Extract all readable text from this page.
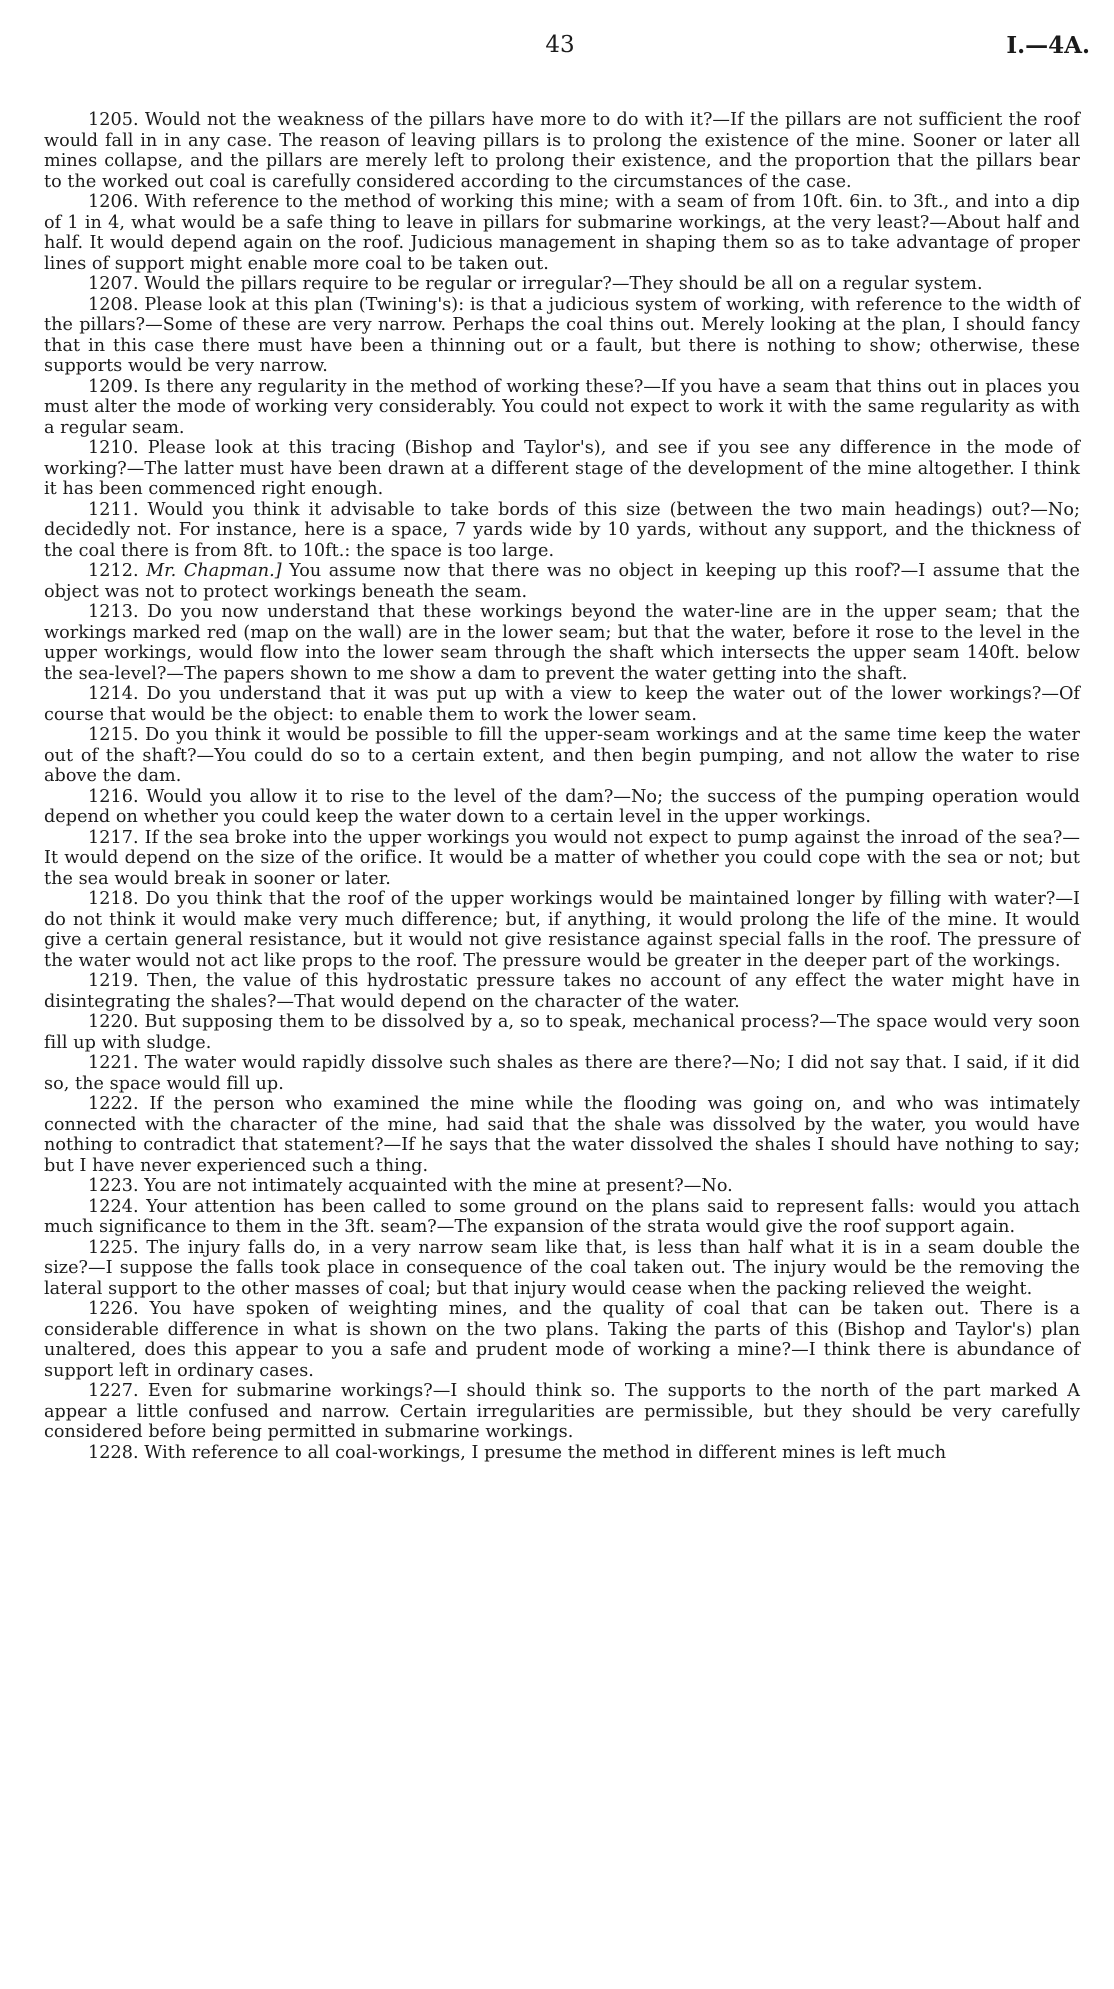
43	I.—4A.

1205. Would not the weakness of the pillars have more to do with it?—If the pillars are not sufficient the roof would fall in in any case. The reason of leaving pillars is to prolong the existence of the mine. Sooner or later all mines collapse, and the pillars are merely left to prolong their existence, and the proportion that the pillars bear to the worked out coal is carefully considered according to the circumstances of the case.

1206. With reference to the method of working this mine; with a seam of from 10ft. 6in. to 3ft., and into a dip of 1 in 4, what would be a safe thing to leave in pillars for submarine workings, at the very least?—About half and half. It would depend again on the roof. Judicious management in shaping them so as to take advantage of proper lines of support might enable more coal to be taken out.

1207. Would the pillars require to be regular or irregular?—They should be all on a regular system.

1208. Please look at this plan (Twining's): is that a judicious system of working, with reference to the width of the pillars?—Some of these are very narrow. Perhaps the coal thins out. Merely looking at the plan, I should fancy that in this case there must have been a thinning out or a fault, but there is nothing to show; otherwise, these supports would be very narrow.

1209. Is there any regularity in the method of working these?—If you have a seam that thins out in places you must alter the mode of working very considerably. You could not expect to work it with the same regularity as with a regular seam.

1210. Please look at this tracing (Bishop and Taylor's), and see if you see any difference in the mode of working?—The latter must have been drawn at a different stage of the development of the mine altogether. I think it has been commenced right enough.

1211. Would you think it advisable to take bords of this size (between the two main headings) out?—No; decidedly not. For instance, here is a space, 7 yards wide by 10 yards, without any support, and the thickness of the coal there is from 8ft. to 10ft.: the space is too large.

1212. Mr. Chapman.] You assume now that there was no object in keeping up this roof?—I assume that the object was not to protect workings beneath the seam.

1213. Do you now understand that these workings beyond the water-line are in the upper seam; that the workings marked red (map on the wall) are in the lower seam; but that the water, before it rose to the level in the upper workings, would flow into the lower seam through the shaft which intersects the upper seam 140ft. below the sea-level?—The papers shown to me show a dam to prevent the water getting into the shaft.

1214. Do you understand that it was put up with a view to keep the water out of the lower workings?—Of course that would be the object: to enable them to work the lower seam.

1215. Do you think it would be possible to fill the upper-seam workings and at the same time keep the water out of the shaft?—You could do so to a certain extent, and then begin pumping, and not allow the water to rise above the dam.

1216. Would you allow it to rise to the level of the dam?—No; the success of the pumping operation would depend on whether you could keep the water down to a certain level in the upper workings.

1217. If the sea broke into the upper workings you would not expect to pump against the inroad of the sea?—It would depend on the size of the orifice. It would be a matter of whether you could cope with the sea or not; but the sea would break in sooner or later.

1218. Do you think that the roof of the upper workings would be maintained longer by filling with water?—I do not think it would make very much difference; but, if anything, it would prolong the life of the mine. It would give a certain general resistance, but it would not give resistance against special falls in the roof. The pressure of the water would not act like props to the roof. The pressure would be greater in the deeper part of the workings.

1219. Then, the value of this hydrostatic pressure takes no account of any effect the water might have in disintegrating the shales?—That would depend on the character of the water.

1220. But supposing them to be dissolved by a, so to speak, mechanical process?—The space would very soon fill up with sludge.

1221. The water would rapidly dissolve such shales as there are there?—No; I did not say that. I said, if it did so, the space would fill up.

1222. If the person who examined the mine while the flooding was going on, and who was intimately connected with the character of the mine, had said that the shale was dissolved by the water, you would have nothing to contradict that statement?—If he says that the water dissolved the shales I should have nothing to say; but I have never experienced such a thing.

1223. You are not intimately acquainted with the mine at present?—No.

1224. Your attention has been called to some ground on the plans said to represent falls: would you attach much significance to them in the 3ft. seam?—The expansion of the strata would give the roof support again.

1225. The injury falls do, in a very narrow seam like that, is less than half what it is in a seam double the size?—I suppose the falls took place in consequence of the coal taken out. The injury would be the removing the lateral support to the other masses of coal; but that injury would cease when the packing relieved the weight.

1226. You have spoken of weighting mines, and the quality of coal that can be taken out. There is a considerable difference in what is shown on the two plans. Taking the parts of this (Bishop and Taylor's) plan unaltered, does this appear to you a safe and prudent mode of working a mine?—I think there is abundance of support left in ordinary cases.

1227. Even for submarine workings?—I should think so. The supports to the north of the part marked A appear a little confused and narrow. Certain irregularities are permissible, but they should be very carefully considered before being permitted in submarine workings.

1228. With reference to all coal-workings, I presume the method in different mines is left much
